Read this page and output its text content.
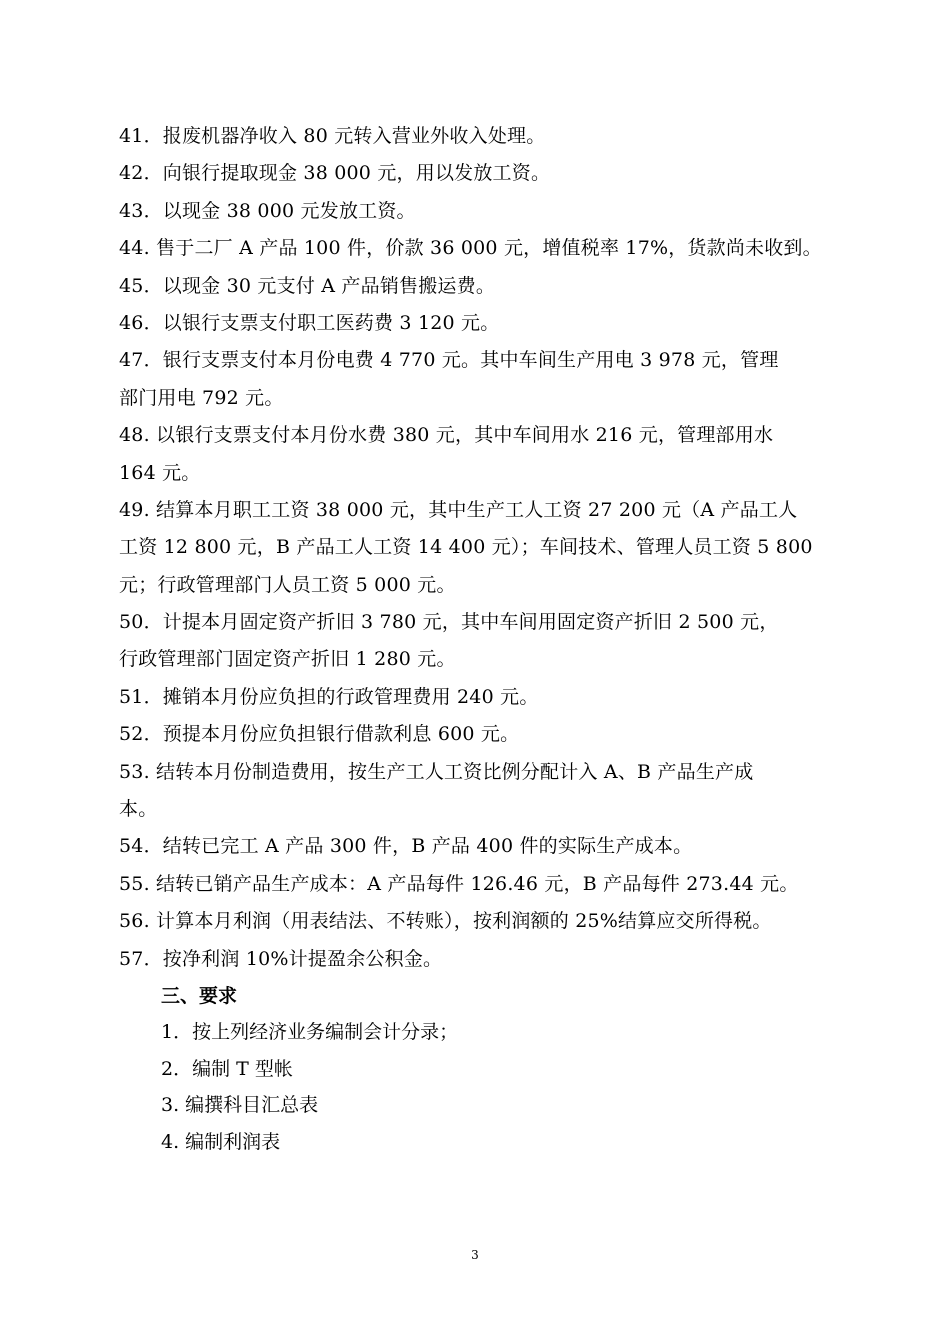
41．报废机器净收入 80 元转入营业外收入处理。
42．向银行提取现金 38 000 元，用以发放工资。
43．以现金 38 000 元发放工资。
44. 售于二厂 A 产品 100 件，价款 36 000 元，增值税率 17%，货款尚未收到。
45．以现金 30 元支付 A 产品销售搬运费。
46．以银行支票支付职工医药费 3 120 元。
47．银行支票支付本月份电费 4 770 元。其中车间生产用电 3 978 元，管理
部门用电 792 元。
48. 以银行支票支付本月份水费 380 元，其中车间用水 216 元，管理部用水
164 元。
49. 结算本月职工工资 38 000 元，其中生产工人工资 27 200 元（A 产品工人
工资 12 800 元，B 产品工人工资 14 400 元）；车间技术、管理人员工资 5 800
元；行政管理部门人员工资 5 000 元。
50．计提本月固定资产折旧 3 780 元，其中车间用固定资产折旧 2 500 元，
行政管理部门固定资产折旧 1 280 元。
51．摊销本月份应负担的行政管理费用 240 元。
52．预提本月份应负担银行借款利息 600 元。
53. 结转本月份制造费用，按生产工人工资比例分配计入 A、B 产品生产成
本。
54．结转已完工 A 产品 300 件，B 产品 400 件的实际生产成本。
55. 结转已销产品生产成本：A 产品每件 126.46 元，B 产品每件 273.44 元。
56. 计算本月利润（用表结法、不转账），按利润额的 25%结算应交所得税。
57．按净利润 10%计提盈余公积金。
三、要求
1．按上列经济业务编制会计分录；
2．编制 T 型帐
3. 编撰科目汇总表
4. 编制利润表
3
